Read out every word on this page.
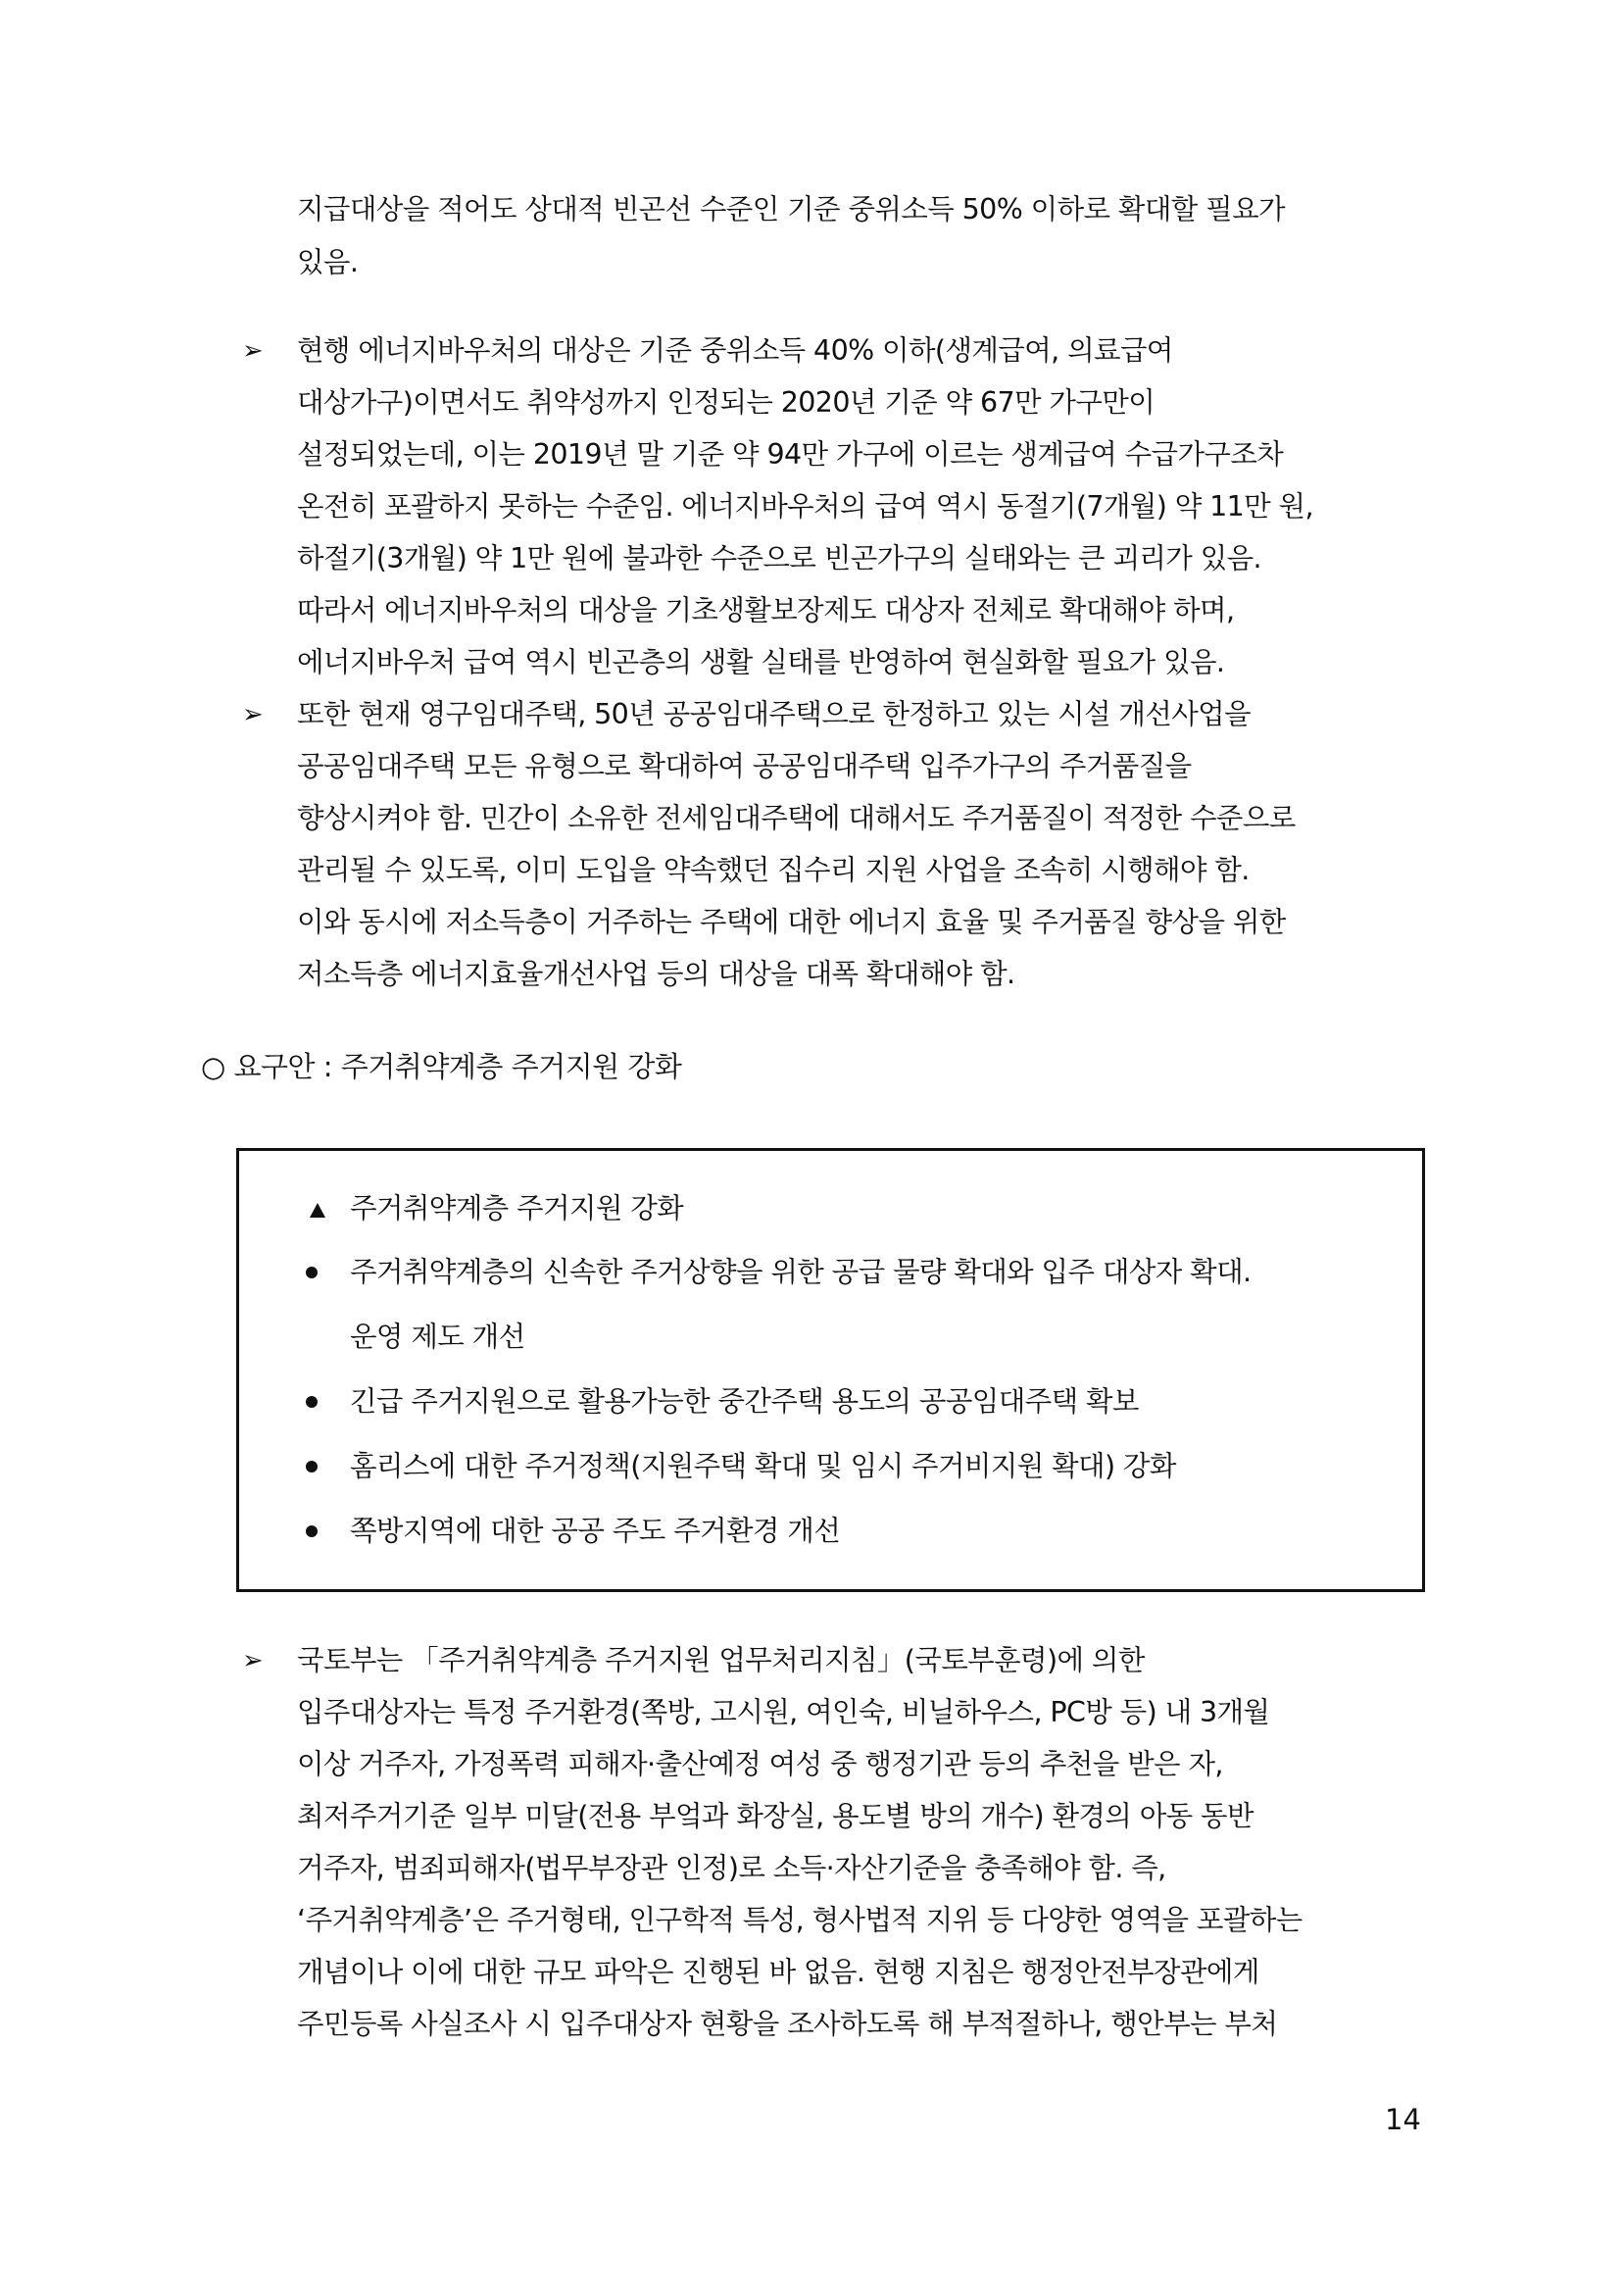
지급대상을 적어도 상대적 빈곤선 수준인 기준 중위소득 50% 이하로 확대할 필요가
있음.
➢ 현행 에너지바우처의 대상은 기준 중위소득 40% 이하(생계급여, 의료급여
대상가구)이면서도 취약성까지 인정되는 2020년 기준 약 67만 가구만이
설정되었는데, 이는 2019년 말 기준 약 94만 가구에 이르는 생계급여 수급가구조차
온전히 포괄하지 못하는 수준임. 에너지바우처의 급여 역시 동절기(7개월) 약 11만 원,
하절기(3개월) 약 1만 원에 불과한 수준으로 빈곤가구의 실태와는 큰 괴리가 있음.
따라서 에너지바우처의 대상을 기초생활보장제도 대상자 전체로 확대해야 하며,
에너지바우처 급여 역시 빈곤층의 생활 실태를 반영하여 현실화할 필요가 있음.
➢ 또한 현재 영구임대주택, 50년 공공임대주택으로 한정하고 있는 시설 개선사업을
공공임대주택 모든 유형으로 확대하여 공공임대주택 입주가구의 주거품질을
향상시켜야 함. 민간이 소유한 전세임대주택에 대해서도 주거품질이 적정한 수준으로
관리될 수 있도록, 이미 도입을 약속했던 집수리 지원 사업을 조속히 시행해야 함.
이와 동시에 저소득층이 거주하는 주택에 대한 에너지 효율 및 주거품질 향상을 위한
저소득층 에너지효율개선사업 등의 대상을 대폭 확대해야 함.
○ 요구안 : 주거취약계층 주거지원 강화
주거취약계층 주거지원 강화
주거취약계층의 신속한 주거상향을 위한 공급 물량 확대와 입주 대상자 확대.
운영 제도 개선
긴급 주거지원으로 활용가능한 중간주택 용도의 공공임대주택 확보
홈리스에 대한 주거정책(지원주택 확대 및 임시 주거비지원 확대) 강화
쪽방지역에 대한 공공 주도 주거환경 개선
➢ 국토부는 「주거취약계층 주거지원 업무처리지침」(국토부훈령)에 의한
입주대상자는 특정 주거환경(쪽방, 고시원, 여인숙, 비닐하우스, PC방 등) 내 3개월
이상 거주자, 가정폭력 피해자·출산예정 여성 중 행정기관 등의 추천을 받은 자,
최저주거기준 일부 미달(전용 부엌과 화장실, 용도별 방의 개수) 환경의 아동 동반
거주자, 범죄피해자(법무부장관 인정)로 소득·자산기준을 충족해야 함. 즉,
‘주거취약계층’은 주거형태, 인구학적 특성, 형사법적 지위 등 다양한 영역을 포괄하는
개념이나 이에 대한 규모 파악은 진행된 바 없음. 현행 지침은 행정안전부장관에게
주민등록 사실조사 시 입주대상자 현황을 조사하도록 해 부적절하나, 행안부는 부처
14
